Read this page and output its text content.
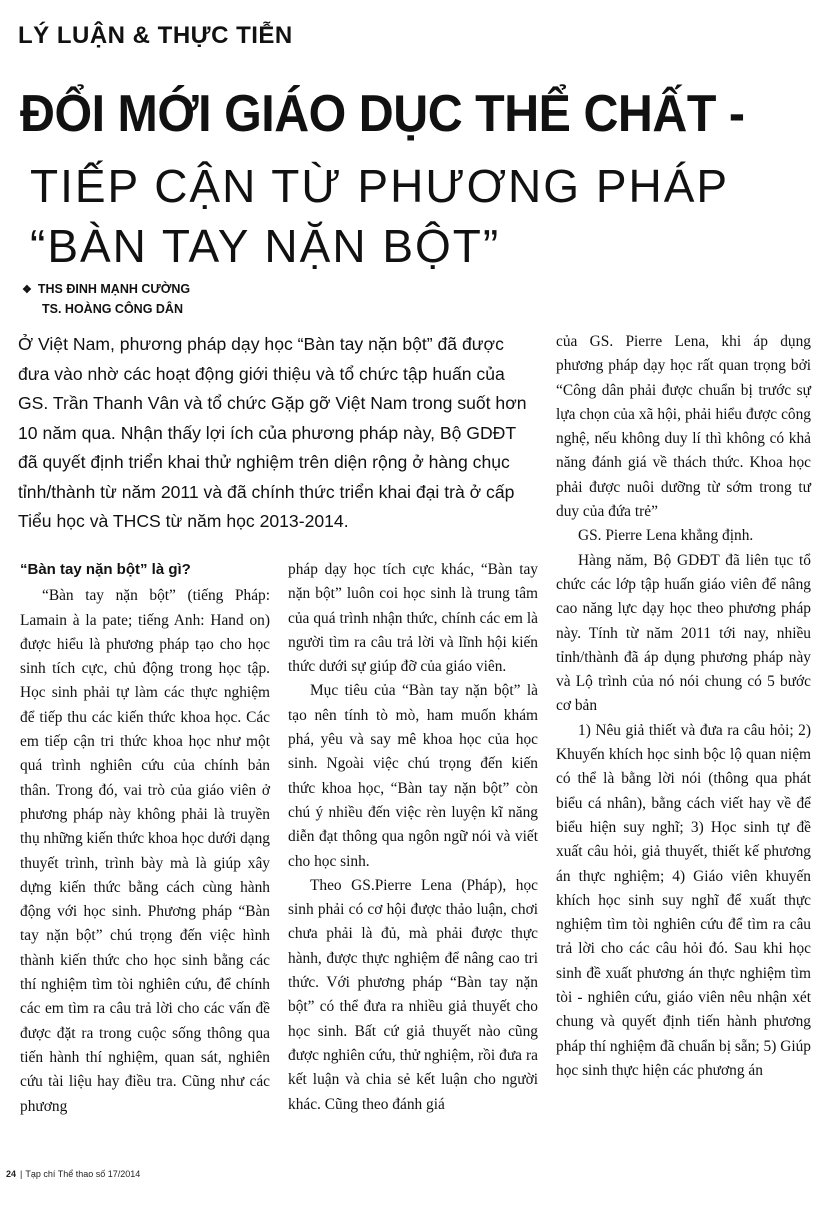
LÝ LUẬN & THỰC TIỄN
ĐỔI MỚI GIÁO DỤC THỂ CHẤT -
TIẾP CẬN TỪ PHƯƠNG PHÁP
“BÀN TAY NẶN BỘT”
❖ THS ĐINH MẠNH CƯỜNG
TS. HOÀNG CÔNG DÂN
Ở Việt Nam, phương pháp dạy học “Bàn tay nặn bột” đã được đưa vào nhờ các hoạt động giới thiệu và tổ chức tập huấn của GS. Trần Thanh Vân và tổ chức Gặp gỡ Việt Nam trong suốt hơn 10 năm qua. Nhận thấy lợi ích của phương pháp này, Bộ GDĐT đã quyết định triển khai thử nghiệm trên diện rộng ở hàng chục tỉnh/thành từ năm 2011 và đã chính thức triển khai đại trà ở cấp Tiểu học và THCS từ năm học 2013-2014.
“Bàn tay nặn bột” là gì?

“Bàn tay nặn bột” (tiếng Pháp: Lamain à la pate; tiếng Anh: Hand on) được hiểu là phương pháp tạo cho học sinh tích cực, chủ động trong học tập. Học sinh phải tự làm các thực nghiệm để tiếp thu các kiến thức khoa học. Các em tiếp cận tri thức khoa học như một quá trình nghiên cứu của chính bản thân. Trong đó, vai trò của giáo viên ở phương pháp này không phải là truyền thụ những kiến thức khoa học dưới dạng thuyết trình, trình bày mà là giúp xây dựng kiến thức bằng cách cùng hành động với học sinh. Phương pháp “Bàn tay nặn bột” chú trọng đến việc hình thành kiến thức cho học sinh bằng các thí nghiệm tìm tòi nghiên cứu, để chính các em tìm ra câu trả lời cho các vấn đề được đặt ra trong cuộc sống thông qua tiến hành thí nghiệm, quan sát, nghiên cứu tài liệu hay điều tra. Cũng như các phương

pháp dạy học tích cực khác, “Bàn tay nặn bột” luôn coi học sinh là trung tâm của quá trình nhận thức, chính các em là người tìm ra câu trả lời và lĩnh hội kiến thức dưới sự giúp đỡ của giáo viên.

Mục tiêu của “Bàn tay nặn bột” là tạo nên tính tò mò, ham muốn khám phá, yêu và say mê khoa học của học sinh. Ngoài việc chú trọng đến kiến thức khoa học, “Bàn tay nặn bột” còn chú ý nhiều đến việc rèn luyện kĩ năng diễn đạt thông qua ngôn ngữ nói và viết cho học sinh.

Theo GS.Pierre Lena (Pháp), học sinh phải có cơ hội được thảo luận, chơi chưa phải là đủ, mà phải được thực hành, được thực nghiệm để nâng cao tri thức. Với phương pháp “Bàn tay nặn bột” có thể đưa ra nhiều giả thuyết cho học sinh. Bất cứ giả thuyết nào cũng được nghiên cứu, thử nghiệm, rồi đưa ra kết luận và chia sẻ kết luận cho người khác. Cũng theo đánh giá

của GS. Pierre Lena, khi áp dụng phương pháp dạy học rất quan trọng bởi “Công dân phải được chuẩn bị trước sự lựa chọn của xã hội, phải hiểu được công nghệ, nếu không duy lí thì không có khả năng đánh giá về thách thức. Khoa học phải được nuôi dưỡng từ sớm trong tư duy của đứa trẻ”

GS. Pierre Lena khẳng định.

Hàng năm, Bộ GDĐT đã liên tục tổ chức các lớp tập huấn giáo viên để nâng cao năng lực dạy học theo phương pháp này. Tính từ năm 2011 tới nay, nhiều tỉnh/thành đã áp dụng phương pháp này và Lộ trình của nó nói chung có 5 bước cơ bản

1) Nêu giả thiết và đưa ra câu hỏi; 2) Khuyến khích học sinh bộc lộ quan niệm có thể là bằng lời nói (thông qua phát biểu cá nhân), bằng cách viết hay về để biểu hiện suy nghĩ; 3) Học sinh tự đề xuất câu hỏi, giả thuyết, thiết kế phương án thực nghiệm; 4) Giáo viên khuyến khích học sinh suy nghĩ để xuất thực nghiệm tìm tòi nghiên cứu để tìm ra câu trả lời cho các câu hỏi đó. Sau khi học sinh đề xuất phương án thực nghiệm tìm tòi - nghiên cứu, giáo viên nêu nhận xét chung và quyết định tiến hành phương pháp thí nghiệm đã chuẩn bị sẵn; 5) Giúp học sinh thực hiện các phương án

24 | Tạp chí Thể thao số 17/2014
